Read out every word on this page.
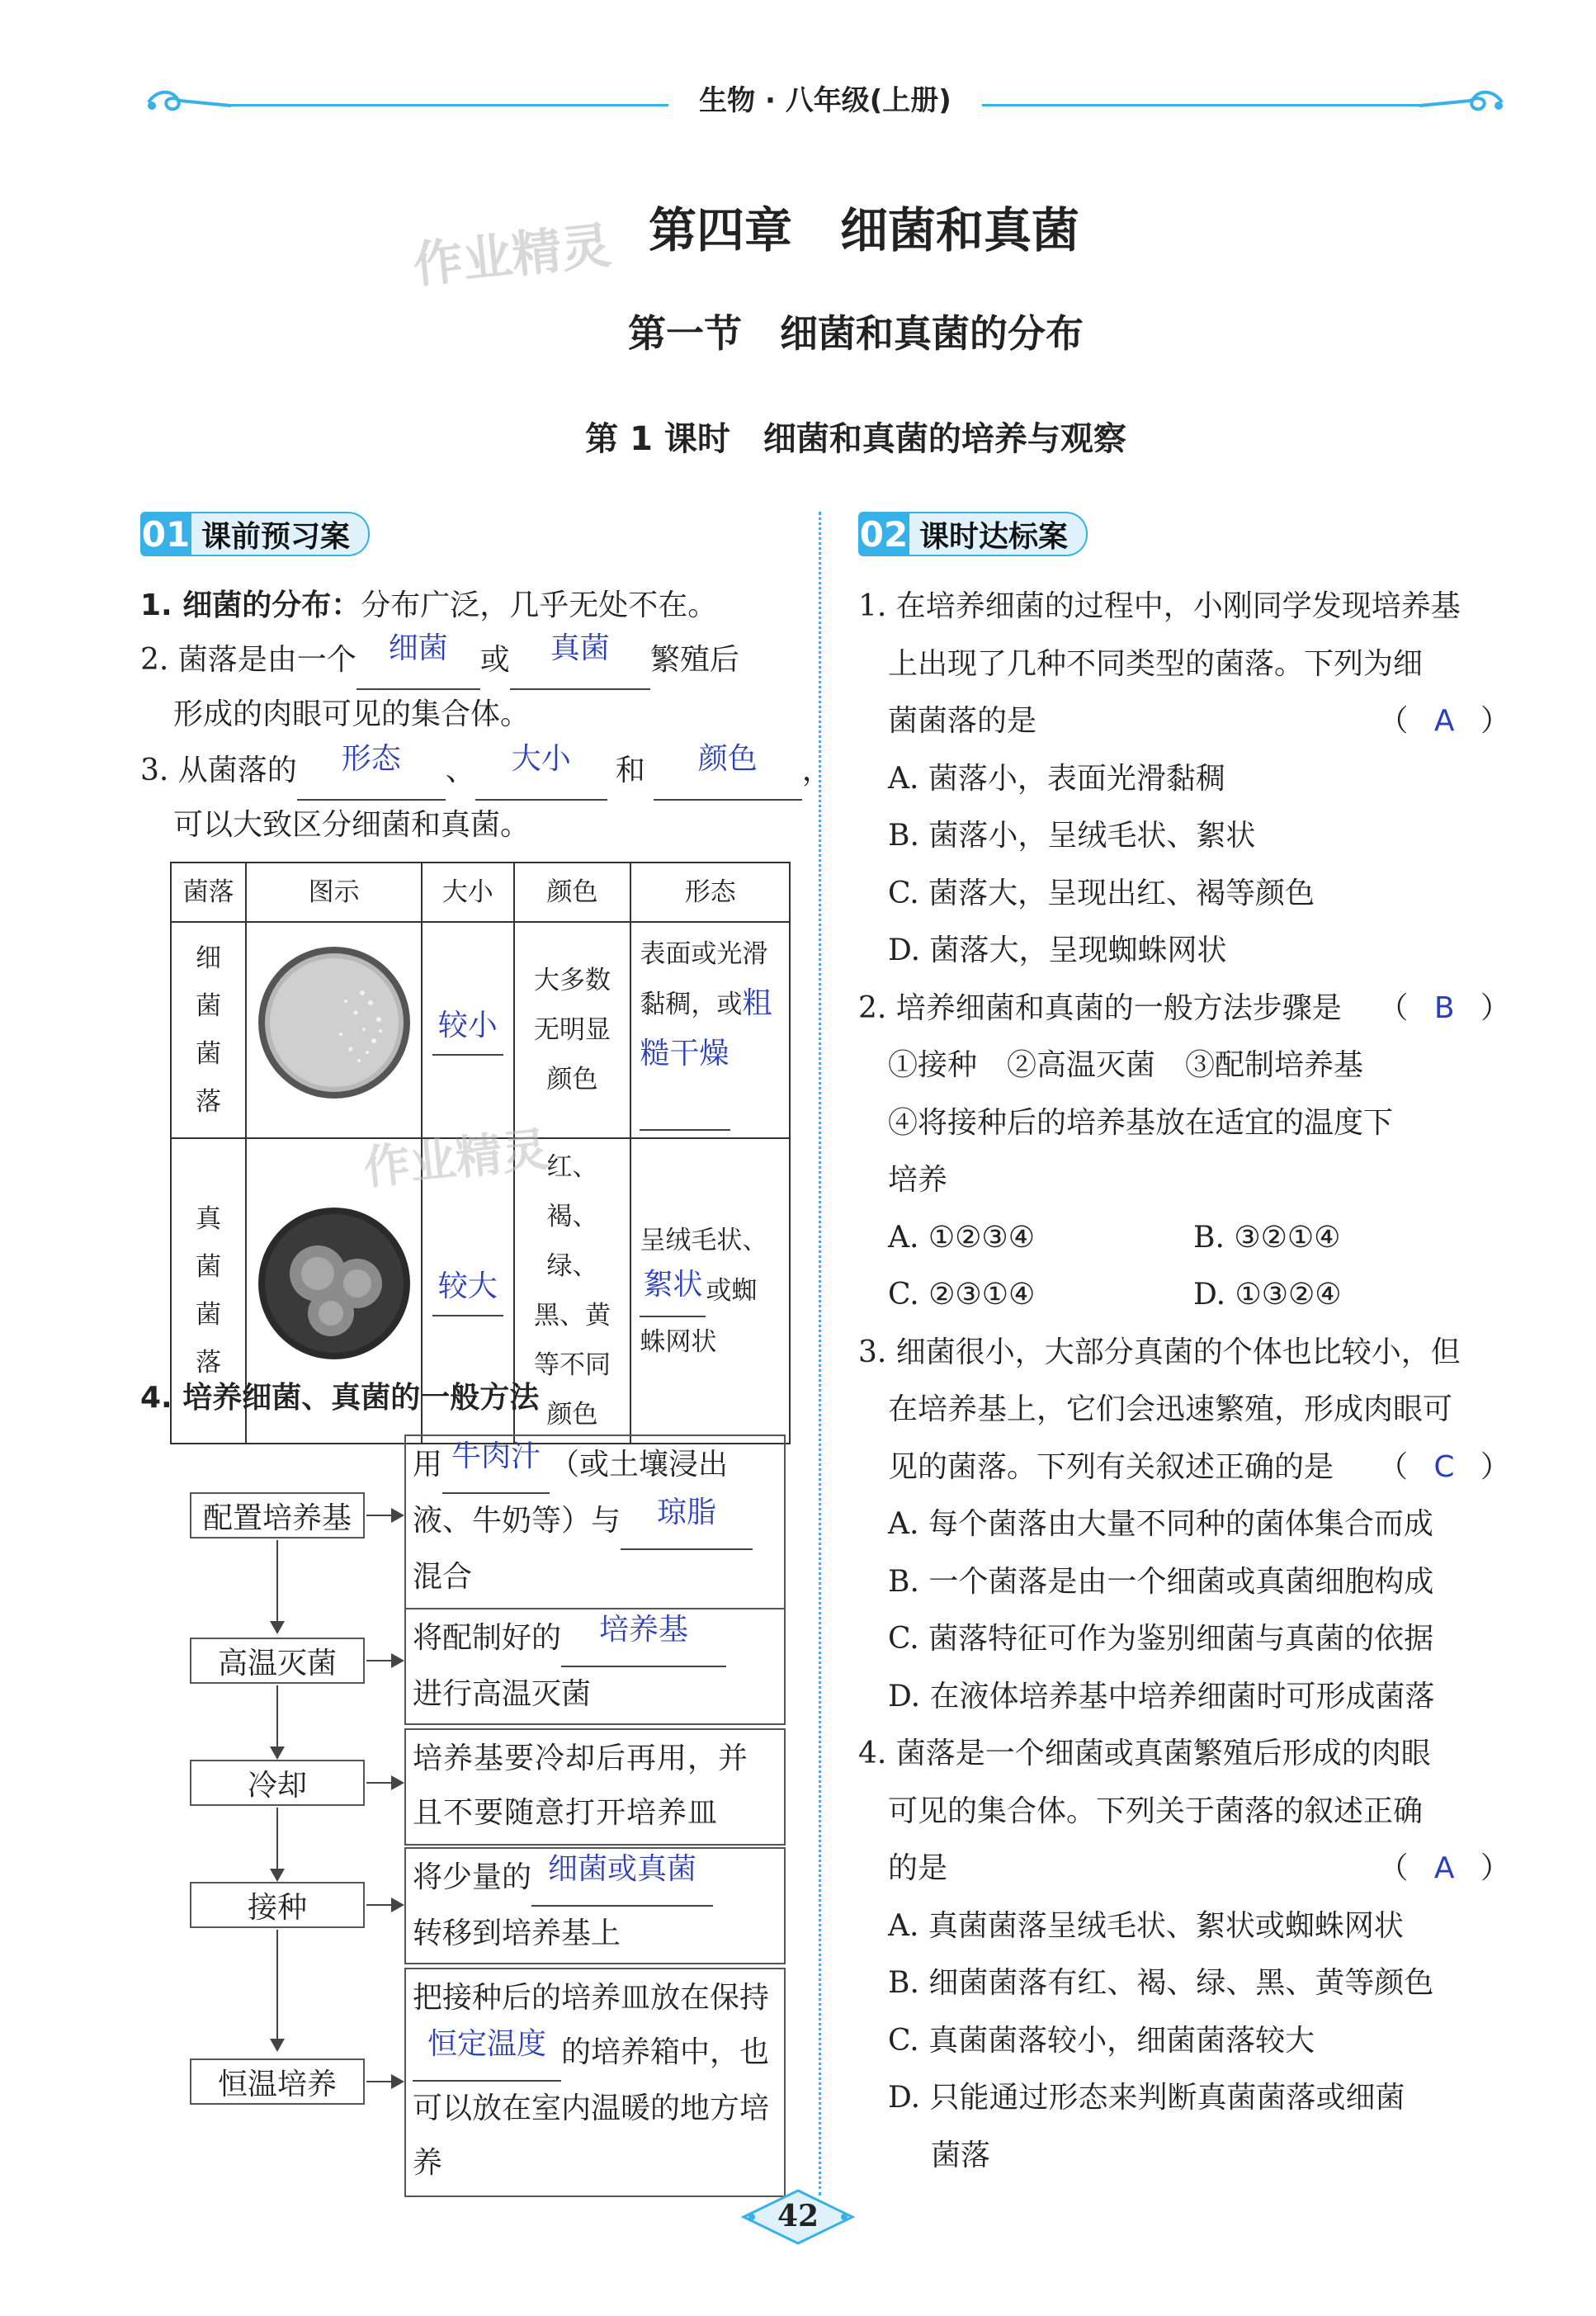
生物 · 八年级(上册)
作业精灵 第四章　细菌和真菌
第一节　细菌和真菌的分布
第 1 课时　细菌和真菌的培养与观察
01 课前预习案
1. 细菌的分布：分布广泛，几乎无处不在。
2. 菌落是由一个 细菌 或 真菌 繁殖后
形成的肉眼可见的集合体。
3. 从菌落的 形态 、 大小 和 颜色 ，
可以大致区分细菌和真菌。
菌落	图示	大小	颜色	形态
细菌菌落		较小	大多数无明显颜色	表面或光滑黏稠，或粗糙干燥

真菌菌落		较大	红、褐、绿、黑、黄等不同颜色	呈绒毛状、絮状 或蜘蛛网状
作业精灵
4. 培养细菌、真菌的一般方法
配置培养基
用 牛肉汁 （或土壤浸出液、牛奶等）与 琼脂
混合
高温灭菌
将配制好的 培养基
进行高温灭菌
冷却
培养基要冷却后再用，并且不要随意打开培养皿
接种
将少量的 细菌或真菌
转移到培养基上
恒温培养
把接种后的培养皿放在保持恒定温度 的培养箱中，也可以放在室内温暖的地方培养
02 课时达标案
1. 在培养细菌的过程中，小刚同学发现培养基
上出现了几种不同类型的菌落。下列为细
菌菌落的是	（ A ）
A. 菌落小，表面光滑黏稠
B. 菌落小，呈绒毛状、絮状
C. 菌落大，呈现出红、褐等颜色
D. 菌落大，呈现蜘蛛网状
2. 培养细菌和真菌的一般方法步骤是 （ B ）
①接种　②高温灭菌　③配制培养基
④将接种后的培养基放在适宜的温度下
培养
A. ①②③④	B. ③②①④
C. ②③①④	D. ①③②④
3. 细菌很小，大部分真菌的个体也比较小，但
在培养基上，它们会迅速繁殖，形成肉眼可
见的菌落。下列有关叙述正确的是 （ C ）
A. 每个菌落由大量不同种的菌体集合而成
B. 一个菌落是由一个细菌或真菌细胞构成
C. 菌落特征可作为鉴别细菌与真菌的依据
D. 在液体培养基中培养细菌时可形成菌落
4. 菌落是一个细菌或真菌繁殖后形成的肉眼
可见的集合体。下列关于菌落的叙述正确
的是	（ A ）
A. 真菌菌落呈绒毛状、絮状或蜘蛛网状
B. 细菌菌落有红、褐、绿、黑、黄等颜色
C. 真菌菌落较小，细菌菌落较大
D. 只能通过形态来判断真菌菌落或细菌
菌落
42
